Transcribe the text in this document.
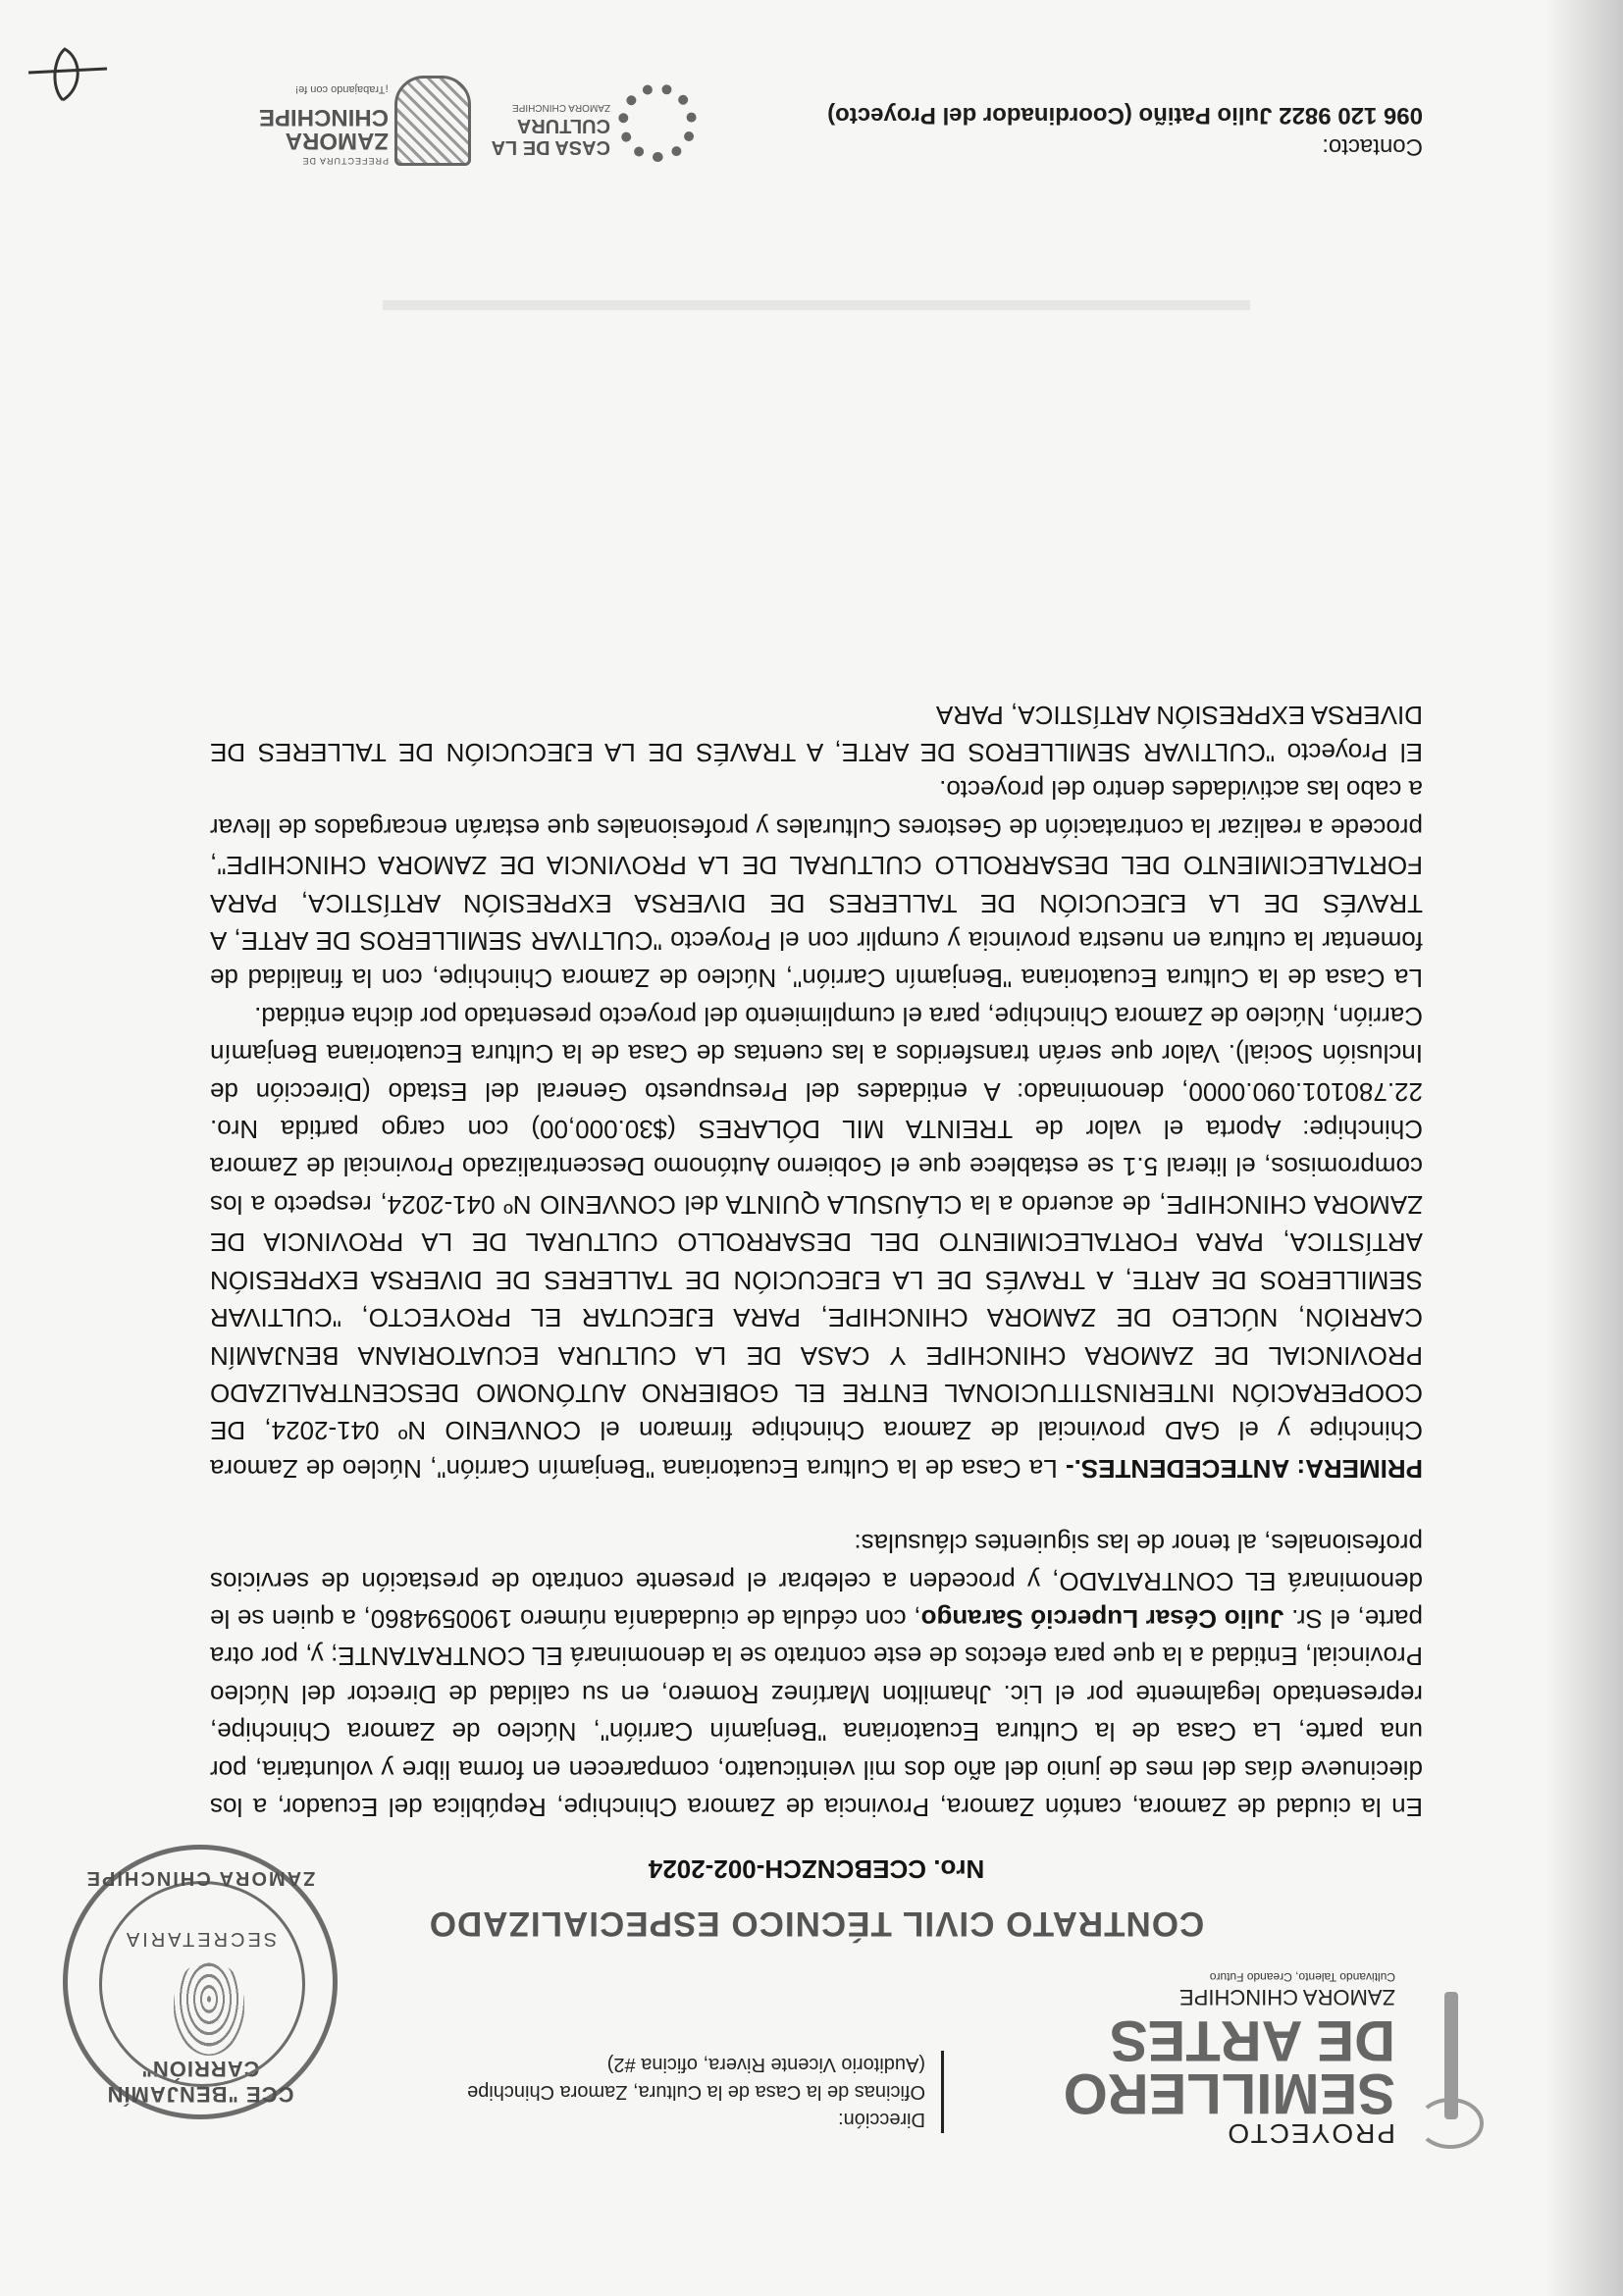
▬▬▬▬▬▬▬▬▬▬▬▬▬▬▬▬▬▬▬▬▬▬▬▬▬▬
PROYECTO
SEMILLERO
DE ARTES
ZAMORA CHINCHIPE
Cultivando Talento, Creando Futuro
Dirección:
Oficinas de la Casa de la Cultura, Zamora Chinchipe
(Auditorio Vicente Rivera, oficina #2)
CCE "BENJAMÍN CARRIÓN"
SECRETARIA
ZAMORA CHINCHIPE
CONTRATO CIVIL TÉCNICO ESPECIALIZADO
Nro. CCEBCNZCH-002-2024

En la ciudad de Zamora, cantón Zamora, Provincia de Zamora Chinchipe, República del Ecuador, a los diecinueve días del mes de junio del año dos mil veinticuatro, comparecen en forma libre y voluntaria, por una parte, La Casa de la Cultura Ecuatoriana "Benjamín Carrión", Núcleo de Zamora Chinchipe, representado legalmente por el Lic. Jhamilton Martínez Romero, en su calidad de Director del Núcleo Provincial, Entidad a la que para efectos de este contrato se la denominará EL CONTRATANTE; y, por otra parte, el Sr. Julio César Luperció Sarango, con cédula de ciudadanía número 1900594860, a quien se le denominará EL CONTRATADO, y proceden a celebrar el presente contrato de prestación de servicios profesionales, al tenor de las siguientes cláusulas:

PRIMERA: ANTECEDENTES.- La Casa de la Cultura Ecuatoriana "Benjamín Carrión", Núcleo de Zamora Chinchipe y el GAD provincial de Zamora Chinchipe firmaron el CONVENIO Nº 041-2024, DE COOPERACIÓN INTERINSTITUCIONAL ENTRE EL GOBIERNO AUTÓNOMO DESCENTRALIZADO PROVINCIAL DE ZAMORA CHINCHIPE Y CASA DE LA CULTURA ECUATORIANA BENJAMÍN CARRIÓN, NÚCLEO DE ZAMORA CHINCHIPE, PARA EJECUTAR EL PROYECTO, "CULTIVAR SEMILLEROS DE ARTE, A TRAVÉS DE LA EJECUCIÓN DE TALLERES DE DIVERSA EXPRESIÓN ARTÍSTICA, PARA FORTALECIMIENTO DEL DESARROLLO CULTURAL DE LA PROVINCIA DE ZAMORA CHINCHIPE, de acuerdo a la CLÁUSULA QUINTA del CONVENIO Nº 041-2024, respecto a los compromisos, el literal 5.1 se establece que el Gobierno Autónomo Descentralizado Provincial de Zamora Chinchipe: Aporta el valor de TREINTA MIL DÓLARES ($30.000,00) con cargo partida Nro. 22.780101.090.0000, denominado: A entidades del Presupuesto General del Estado (Dirección de Inclusión Social). Valor que serán transferidos a las cuentas de Casa de la Cultura Ecuatoriana Benjamín Carrión, Núcleo de Zamora Chinchipe, para el cumplimiento del proyecto presentado por dicha entidad.

La Casa de la Cultura Ecuatoriana "Benjamín Carrión", Núcleo de Zamora Chinchipe, con la finalidad de fomentar la cultura en nuestra provincia y cumplir con el Proyecto "CULTIVAR SEMILLEROS DE ARTE, A TRAVÉS DE LA EJECUCIÓN DE TALLERES DE DIVERSA EXPRESIÓN ARTÍSTICA, PARA FORTALECIMIENTO DEL DESARROLLO CULTURAL DE LA PROVINCIA DE ZAMORA CHINCHIPE", procede a realizar la contratación de Gestores Culturales y profesionales que estarán encargados de llevar a cabo las actividades dentro del proyecto.

El Proyecto "CULTIVAR SEMILLEROS DE ARTE, A TRAVÉS DE LA EJECUCIÓN DE TALLERES DE DIVERSA EXPRESIÓN ARTÍSTICA, PARA

Contacto:
096 120 9822 Julio Patiño (Coordinador del Proyecto)
CASA DE LA
CULTURA
ZAMORA CHINCHIPE
PREFECTURA DE
ZAMORA
CHINCHIPE
¡Trabajando con fe!
